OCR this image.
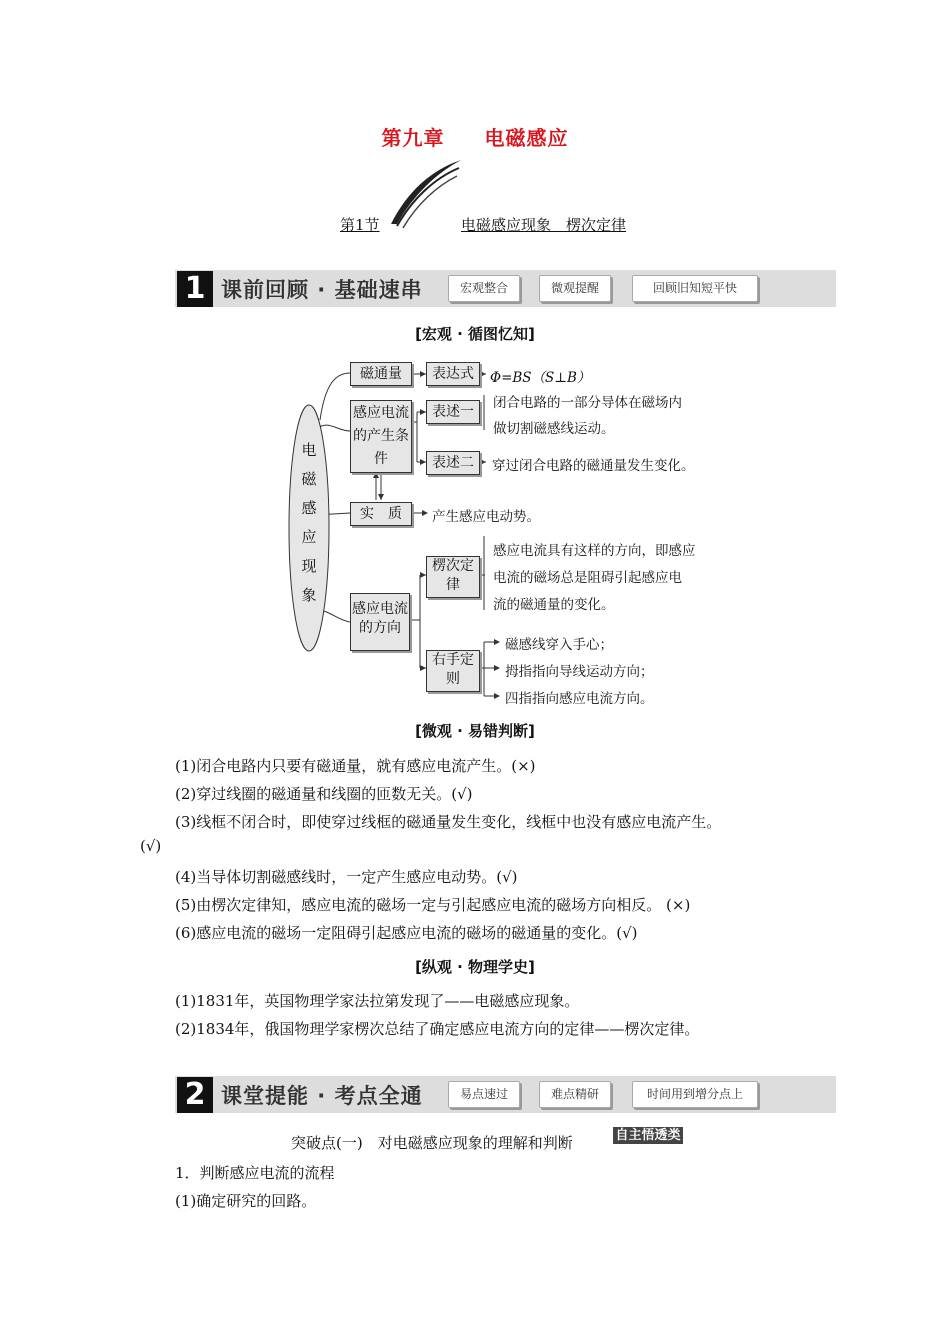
第九章 电磁感应
第1节	电磁感应现象　楞次定律
1 课前回顾 · 基础速串	宏观整合	微观提醒	回顾旧知短平快
[宏观 · 循图忆知]
电磁感应现象
磁通量	表达式	Φ=BS（S⊥B）
感应电流的产生条件
表述一
闭合电路的一部分导体在磁场内
做切割磁感线运动。
表述二	穿过闭合电路的磁通量发生变化。
实　质	产生感应电动势。
感应电流的方向
楞次定律
感应电流具有这样的方向，即感应
电流的磁场总是阻碍引起感应电
流的磁通量的变化。
右手定则
磁感线穿入手心；
拇指指向导线运动方向；
四指指向感应电流方向。
[微观 · 易错判断]
(1)闭合电路内只要有磁通量，就有感应电流产生。(×)
(2)穿过线圈的磁通量和线圈的匝数无关。(√)
(3)线框不闭合时，即使穿过线框的磁通量发生变化，线框中也没有感应电流产生。
(√)
(4)当导体切割磁感线时，一定产生感应电动势。(√)
(5)由楞次定律知，感应电流的磁场一定与引起感应电流的磁场方向相反。 (×)
(6)感应电流的磁场一定阻碍引起感应电流的磁场的磁通量的变化。(√)
[纵观 · 物理学史]
(1)1831年，英国物理学家法拉第发现了——电磁感应现象。
(2)1834年，俄国物理学家楞次总结了确定感应电流方向的定律——楞次定律。
2 课堂提能 · 考点全通	易点速过	难点精研	时间用到增分点上
突破点(一)　对电磁感应现象的理解和判断	自主悟透类
1．判断感应电流的流程
(1)确定研究的回路。
